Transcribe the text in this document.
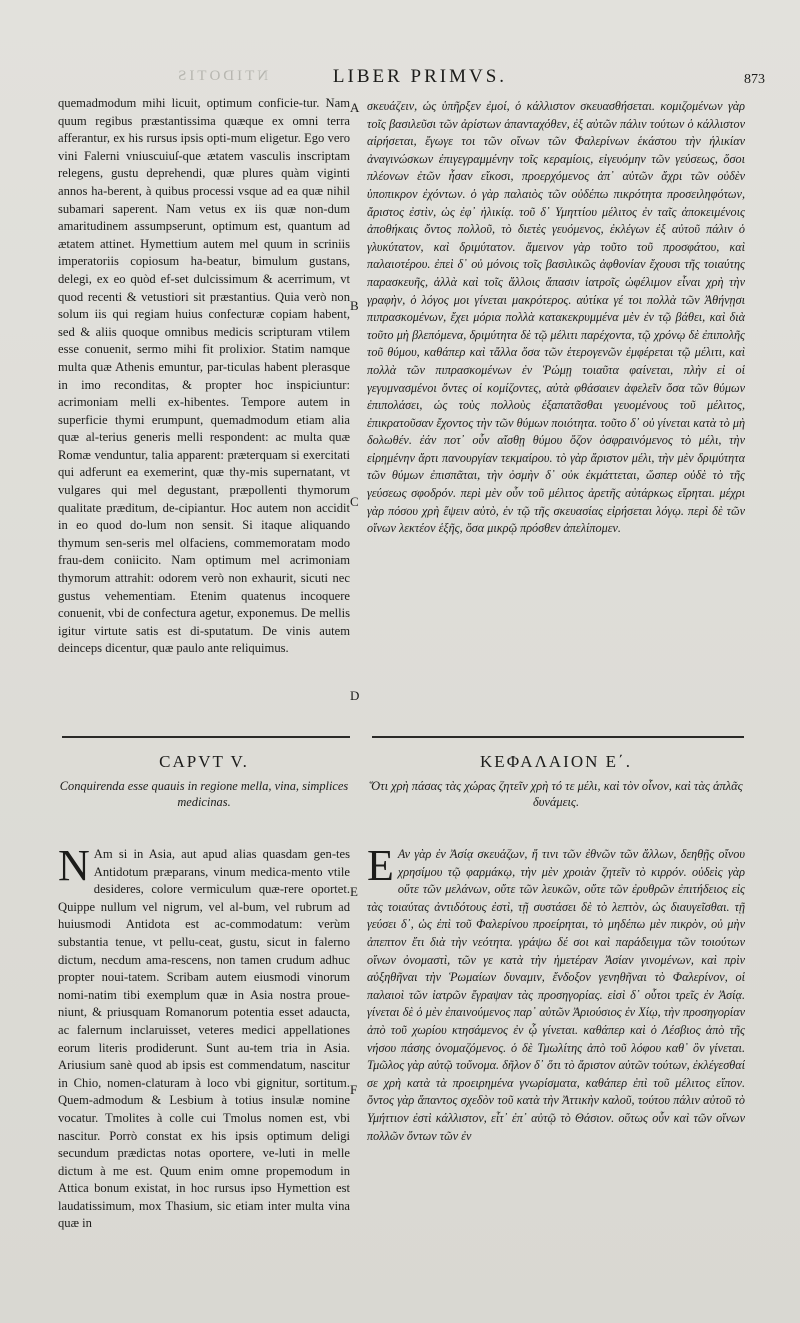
NTIDOTIS	LIBER PRIMVS.	873

quemadmodum mihi licuit, optimum conficie-tur. Nam quum regibus præstantissima quæque ex omni terra afferantur, ex his rursus ipsis opti-mum eligetur. Ego vero vini Falerni vniuscuiuſ-que ætatem vasculis inscriptam relegens, gustu deprehendi, quæ plures quàm viginti annos ha-berent, à quibus processi vsque ad ea quæ nihil subamari saperent. Nam vetus ex iis quæ non-dum amaritudinem assumpserunt, optimum est, quantum ad ætatem attinet. Hymettium autem mel quum in scriniis imperatoriis copiosum ha-beatur, bimulum gustans, delegi, ex eo quòd ef-set dulcissimum & acerrimum, vt quod recenti & vetustiori sit præstantius. Quia verò non solum iis qui regiam huius confecturæ copiam habent, sed & aliis quoque omnibus medicis scripturam vtilem esse conuenit, sermo mihi fit prolixior. Statim namque multa quæ Athenis emuntur, par-ticulas habent plerasque in imo reconditas, & propter hoc inspiciuntur: acrimoniam melli ex-hibentes. Tempore autem in superficie thymi erumpunt, quemadmodum etiam alia quæ al-terius generis melli respondent: ac multa quæ Romæ venduntur, talia apparent: præterquam si exercitati qui adferunt ea exemerint, quæ thy-mis supernatant, vt vulgares qui mel degustant, præpollenti thymorum qualitate præditum, de-cipiantur. Hoc autem non accidit in eo quod do-lum non sensit. Si itaque aliquando thymum sen-seris mel olfaciens, commemoratam modo frau-dem coniicito. Nam optimum mel acrimoniam thymorum attrahit: odorem verò non exhaurit, sicuti nec gustus vehementiam. Etenim quatenus incoquere conuenit, vbi de confectura agetur, exponemus. De mellis igitur virtute satis est di-sputatum. De vinis autem deinceps dicentur, quæ paulo ante reliquimus.

σκευάζειν, ὡς ὑπῆρξεν ἐμοί, ὁ κάλλιστον σκευασθήσεται. κομιζομένων γὰρ τοῖς βασιλεῦσι τῶν ἀρίστων ἁπανταχόθεν, ἐξ αὐτῶν πάλιν τούτων ὁ κάλλιστον αἱρήσεται, ἔγωγε τοι τῶν οἴνων τῶν Φαλερίνων ἑκάστου τὴν ἡλικίαν ἀναγινώσκων ἐπιγεγραμμένην τοῖς κεραμίοις, εἰγευόμην τῶν γεύσεως, ὅσοι πλέονων ἐτῶν ἦσαν εἴκοσι, προερχόμενος ἀπ᾿ αὐτῶν ἄχρι τῶν οὐδὲν ὑποπικρον ἐχόντων. ὁ γὰρ παλαιὸς τῶν οὐδέπω πικρότητα προσειληφότων, ἄριστος ἐστὶν, ὡς ἐφ᾿ ἡλικίᾳ. τοῦ δ᾿ Υμηττίου μέλιτος ἐν ταῖς ἀποκειμένοις ἀποθήκαις ὄντος πολλοῦ, τὸ διετὲς γευόμενος, ἐκλέγων ἐξ αὐτοῦ πάλιν ὁ γλυκύτατον, καὶ δριμύτατον. ἄμεινον γὰρ τοῦτο τοῦ προσφάτου, καὶ παλαιοτέρου. ἐπεὶ δ᾿ οὐ μόνοις τοῖς βασιλικῶς ἀφθονίαν ἔχουσι τῆς τοιαύτης παρασκευῆς, ἀλλὰ καὶ τοῖς ἄλλοις ἅπασιν ἰατροῖς ὠφέλιμον εἶναι χρὴ τὴν γραφὴν, ὁ λόγος μοι γίνεται μακρότερος. αὐτίκα γέ τοι πολλὰ τῶν Ἀθήνῃσι πιπρασκομένων, ἔχει μόρια πολλὰ κατακεκρυμμένα μὲν ἐν τῷ βάθει, καὶ διὰ τοῦτο μὴ βλεπόμενα, δριμύτητα δὲ τῷ μέλιτι παρέχοντα, τῷ χρόνῳ δὲ ἐπιπολῆς τοῦ θύμου, καθάπερ καὶ τἄλλα ὅσα τῶν ἑτερογενῶν ἐμφέρεται τῷ μέλιτι, καὶ πολλὰ τῶν πιπρασκομένων ἐν Ῥώμῃ τοιαῦτα φαίνεται, πλὴν εἰ οἱ γεγυμνασμένοι ὄντες οἱ κομίζοντες, αὐτὰ φθάσαιεν ἀφελεῖν ὅσα τῶν θύμων ἐπιπολάσει, ὡς τοὺς πολλοὺς ἐξαπατᾶσθαι γευομένους τοῦ μέλιτος, ἐπικρατοῦσαν ἔχοντος τὴν τῶν θύμων ποιότητα. τοῦτο δ᾿ οὐ γίνεται κατὰ τὸ μὴ δολωθέν. ἐάν ποτ᾿ οὖν αἴσθῃ θύμου ὄζον ὀσφραινόμενος τὸ μέλι, τὴν εἰρημένην ἄρτι πανουργίαν τεκμαίρου. τὸ γὰρ ἄριστον μέλι, τὴν μὲν δριμύτητα τῶν θύμων ἐπισπᾶται, τὴν ὀσμὴν δ᾿ οὐκ ἐκμάττεται, ὥσπερ οὐδὲ τὸ τῆς γεύσεως σφοδρόν. περὶ μὲν οὖν τοῦ μέλιτος ἀρετῆς αὐτάρκως εἴρηται. μέχρι γὰρ πόσου χρὴ ἕψειν αὐτὸ, ἐν τῷ τῆς σκευασίας εἰρήσεται λόγῳ. περὶ δὲ τῶν οἴνων λεκτέον ἑξῆς, ὅσα μικρῷ πρόσθεν ἀπελίπομεν.

A
B
C
D
CAPVT V.	ΚΕΦΑΛΑΙΟΝ Ε΄.
Conquirenda esse quauis in regione mella, vina, simplices medicinas.
Ὅτι χρὴ πάσας τὰς χώρας ζητεῖν χρὴ τό τε μέλι, καὶ τὸν οἶνον, καὶ τὰς ἁπλᾶς δυνάμεις.

N Am si in Asia, aut apud alias quasdam gen-tes Antidotum præparans, vinum medica-mento vtile desideres, colore vermiculum quæ-rere oportet. Quippe nullum vel nigrum, vel al-bum, vel rubrum ad huiusmodi Antidota est ac-commodatum: verùm substantia tenue, vt pellu-ceat, gustu, sicut in falerno dictum, necdum ama-rescens, non tamen crudum adhuc propter noui-tatem. Scribam autem eiusmodi vinorum nomi-natim tibi exemplum quæ in Asia nostra proue-niunt, & priusquam Romanorum potentia esset adaucta, ac falernum inclaruisset, veteres medici appellationes eorum literis prodiderunt. Sunt au-tem tria in Asia. Ariusium sanè quod ab ipsis est commendatum, nascitur in Chio, nomen-claturam à loco vbi gignitur, sortitum. Quem-admodum & Lesbium à totius insulæ nomine vocatur. Tmolites à colle cui Tmolus nomen est, vbi nascitur. Porrò constat ex his ipsis optimum deligi secundum prædictas notas oportere, ve-luti in melle dictum à me est. Quum enim omne propemodum in Attica bonum existat, in hoc rursus ipso Hymettion est laudatissimum, mox Thasium, sic etiam inter multa vina quæ in

Ε Αν γὰρ ἐν Ἀσίᾳ σκευάζων, ἤ τινι τῶν ἐθνῶν τῶν ἄλλων, δεηθῇς οἴνου χρησίμου τῷ φαρμάκῳ, τὴν μὲν χροιὰν ζητεῖν τὸ κιρρόν. οὐδεὶς γὰρ οὔτε τῶν μελάνων, οὔτε τῶν λευκῶν, οὔτε τῶν ἐρυθρῶν ἐπιτήδειος εἰς τὰς τοιαύτας ἀντιδότους ἐστὶ, τῇ συστάσει δὲ τὸ λεπτὸν, ὡς διαυγεῖσθαι. τῇ γεύσει δ᾿, ὡς ἐπὶ τοῦ Φαλερίνου προείρηται, τὸ μηδέπω μὲν πικρὸν, οὐ μὴν ἀπεπτον ἔτι διὰ τὴν νεότητα. γράψω δέ σοι καὶ παράδειγμα τῶν τοιούτων οἴνων ὀνομαστὶ, τῶν γε κατὰ τὴν ἡμετέραν Ἀσίαν γινομένων, καὶ πρὶν αὐξηθῆναι τὴν Ῥωμαίων δυναμιν, ἔνδοξον γενηθῆναι τὸ Φαλερίνον, οἱ παλαιοὶ τῶν ἰατρῶν ἔγραψαν τὰς προσηγορίας. εἰσὶ δ᾿ οὗτοι τρεῖς ἐν Ἀσίᾳ. γίνεται δὲ ὁ μὲν ἐπαινούμενος παρ᾿ αὐτῶν Ἀριούσιος ἐν Χίῳ, τὴν προσηγορίαν ἀπὸ τοῦ χωρίου κτησάμενος ἐν ᾧ γίνεται. καθάπερ καὶ ὁ Λέσβιος ἀπὸ τῆς νήσου πάσης ὀνομαζόμενος. ὁ δὲ Τμωλίτης ἀπὸ τοῦ λόφου καθ᾿ ὃν γίνεται. Τμῶλος γὰρ αὐτῷ τοὔνομα. δῆλον δ᾿ ὅτι τὸ ἄριστον αὐτῶν τούτων, ἐκλέγεσθαί σε χρὴ κατὰ τὰ προειρημένα γνωρίσματα, καθάπερ ἐπὶ τοῦ μέλιτος εἴπον. ὄντος γὰρ ἅπαντος σχεδὸν τοῦ κατὰ τὴν Ἀττικὴν καλοῦ, τούτου πάλιν αὐτοῦ τὸ Υμήττιον ἐστὶ κάλλιστον, εἶτ᾿ ἐπ᾿ αὐτῷ τὸ Θάσιον. οὕτως οὖν καὶ τῶν οἴνων πολλῶν ὄντων τῶν ἐν

E
F
